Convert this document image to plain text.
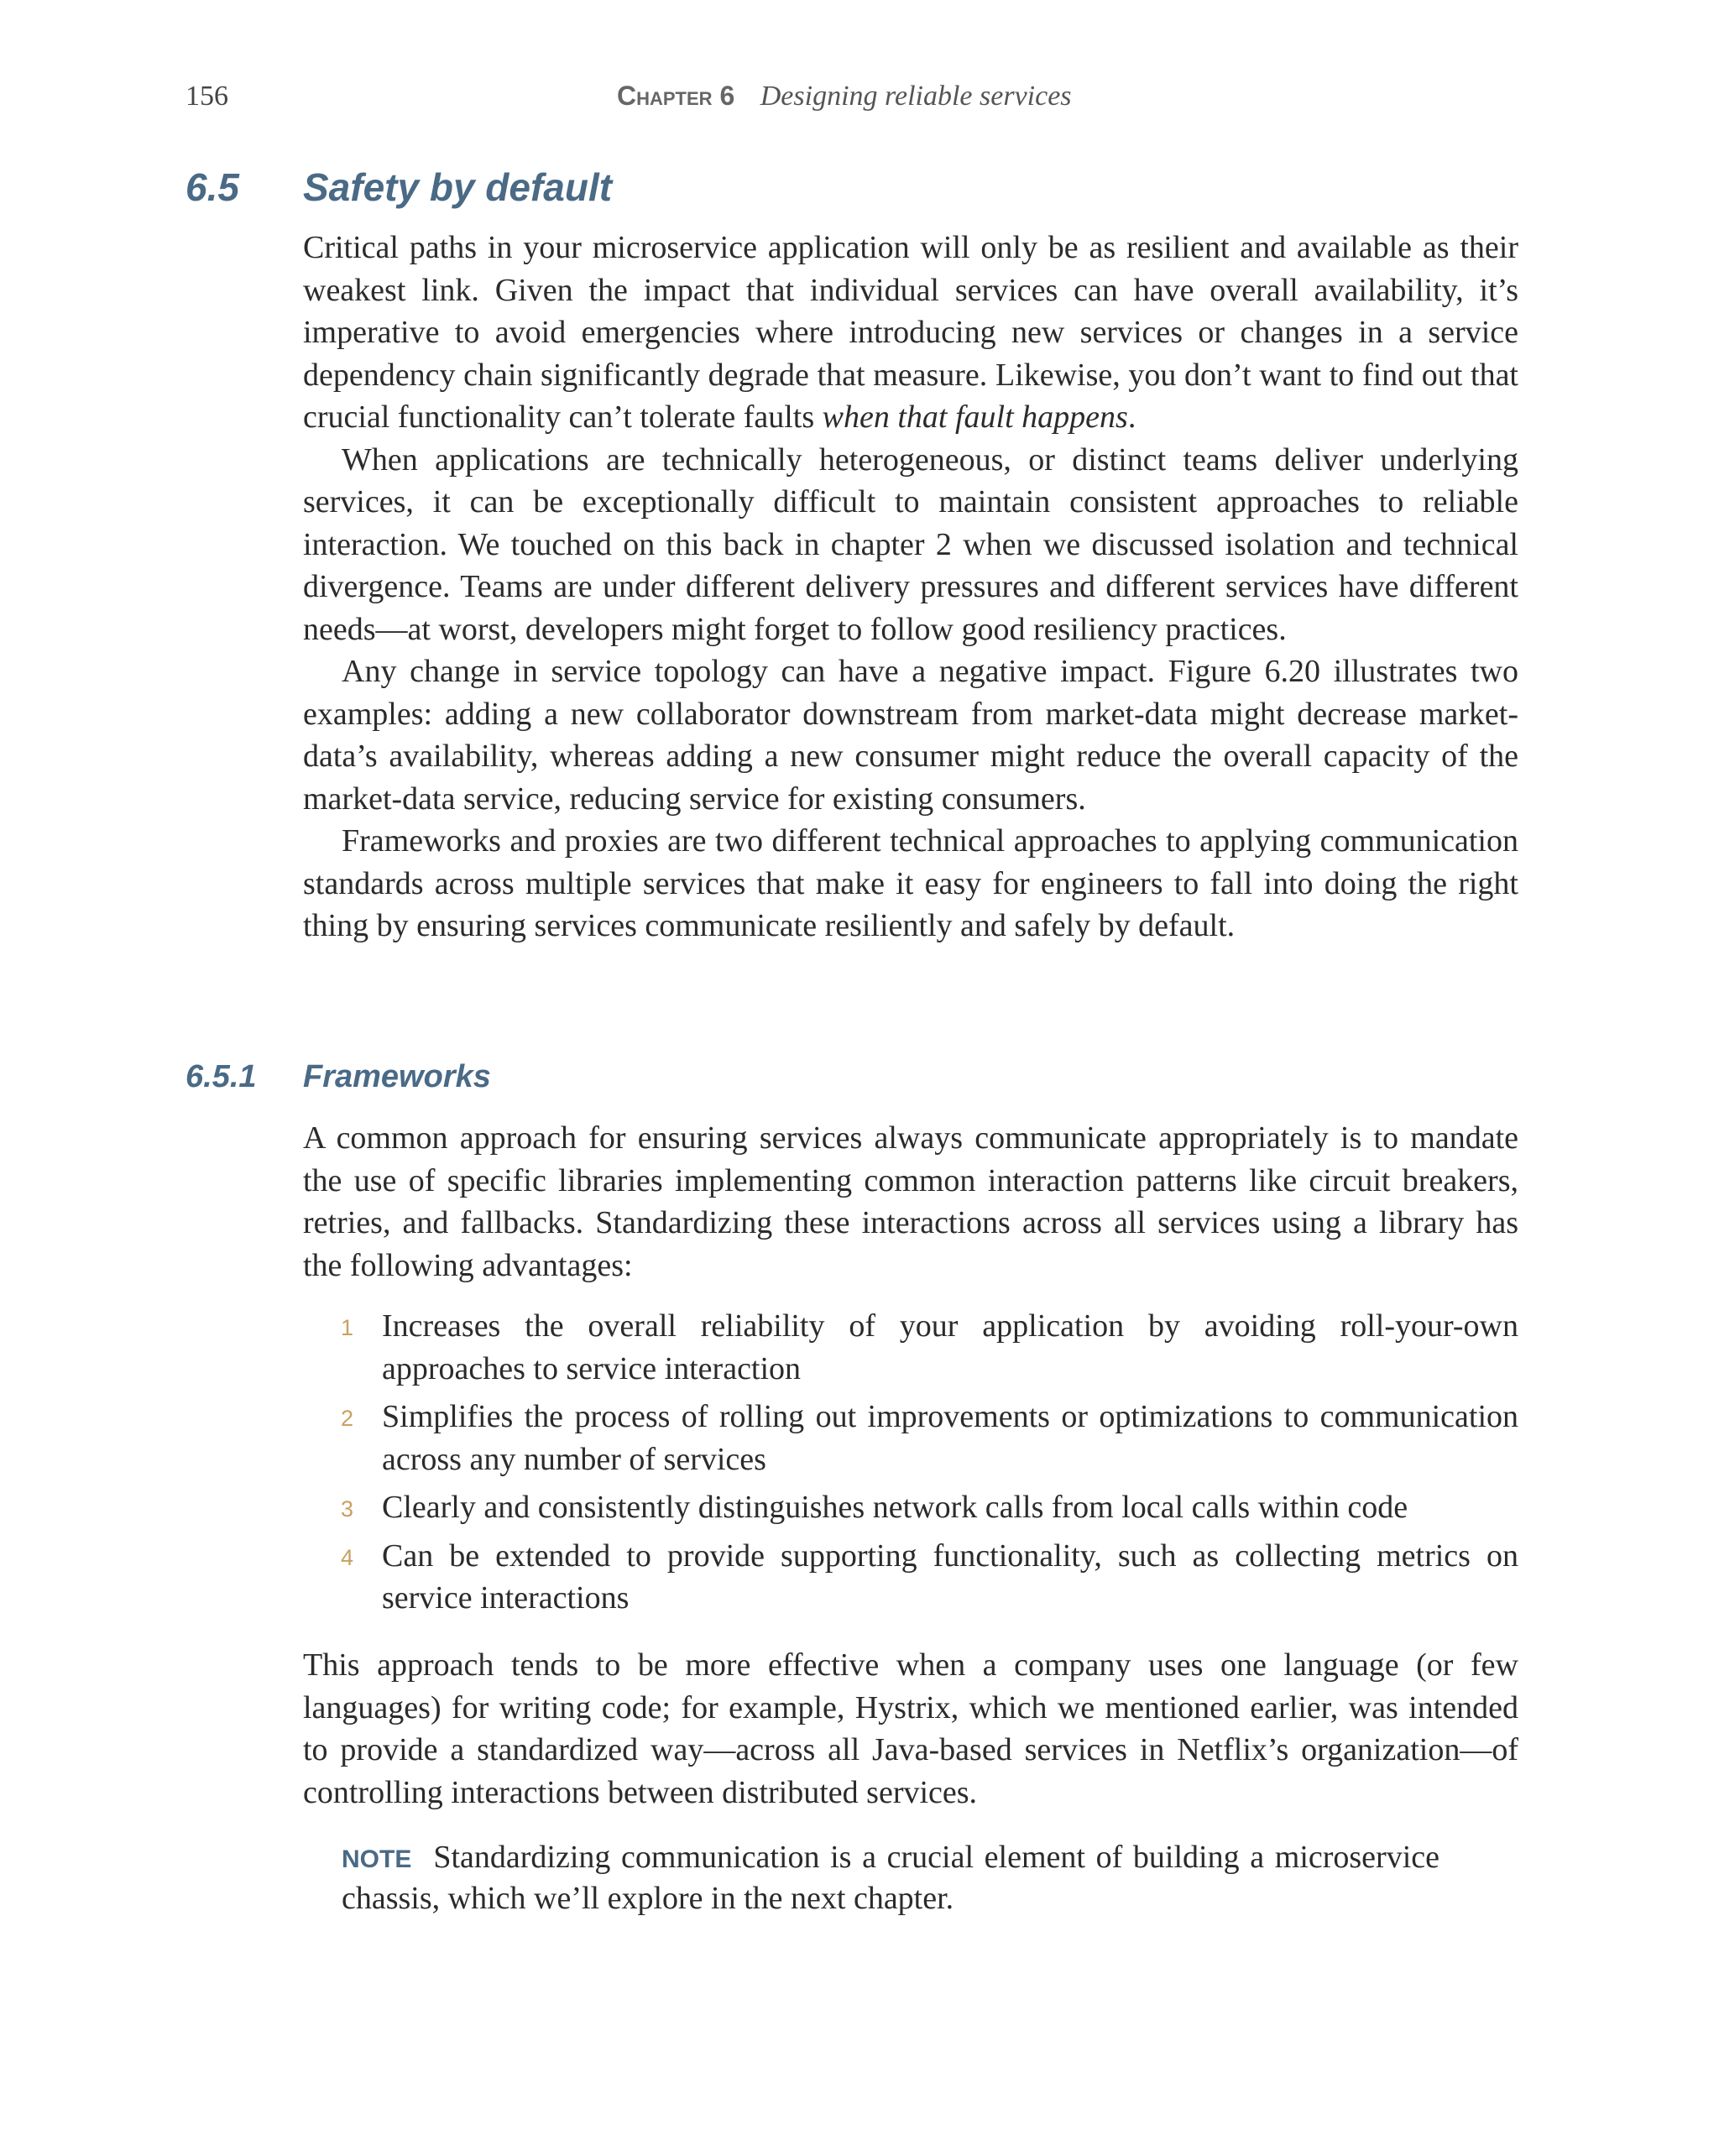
156	Chapter 6 Designing reliable services
6.5 Safety by default

Critical paths in your microservice application will only be as resilient and available as their weakest link. Given the impact that individual services can have overall availability, it’s imperative to avoid emergencies where introducing new services or changes in a service dependency chain significantly degrade that measure. Likewise, you don’t want to find out that crucial functionality can’t tolerate faults when that fault happens.

When applications are technically heterogeneous, or distinct teams deliver underlying services, it can be exceptionally difficult to maintain consistent approaches to reliable interaction. We touched on this back in chapter 2 when we discussed isolation and technical divergence. Teams are under different delivery pressures and different services have different needs—at worst, developers might forget to follow good resiliency practices.

Any change in service topology can have a negative impact. Figure 6.20 illustrates two examples: adding a new collaborator downstream from market-data might decrease market-data’s availability, whereas adding a new consumer might reduce the overall capacity of the market-data service, reducing service for existing consumers.

Frameworks and proxies are two different technical approaches to applying communication standards across multiple services that make it easy for engineers to fall into doing the right thing by ensuring services communicate resiliently and safely by default.

6.5.1 Frameworks

A common approach for ensuring services always communicate appropriately is to mandate the use of specific libraries implementing common interaction patterns like circuit breakers, retries, and fallbacks. Standardizing these interactions across all services using a library has the following advantages:

1 Increases the overall reliability of your application by avoiding roll-your-own approaches to service interaction
2 Simplifies the process of rolling out improvements or optimizations to communication across any number of services
3 Clearly and consistently distinguishes network calls from local calls within code
4 Can be extended to provide supporting functionality, such as collecting metrics on service interactions

This approach tends to be more effective when a company uses one language (or few languages) for writing code; for example, Hystrix, which we mentioned earlier, was intended to provide a standardized way—across all Java-based services in Netflix’s organization—of controlling interactions between distributed services.

NOTE Standardizing communication is a crucial element of building a microservice chassis, which we’ll explore in the next chapter.
